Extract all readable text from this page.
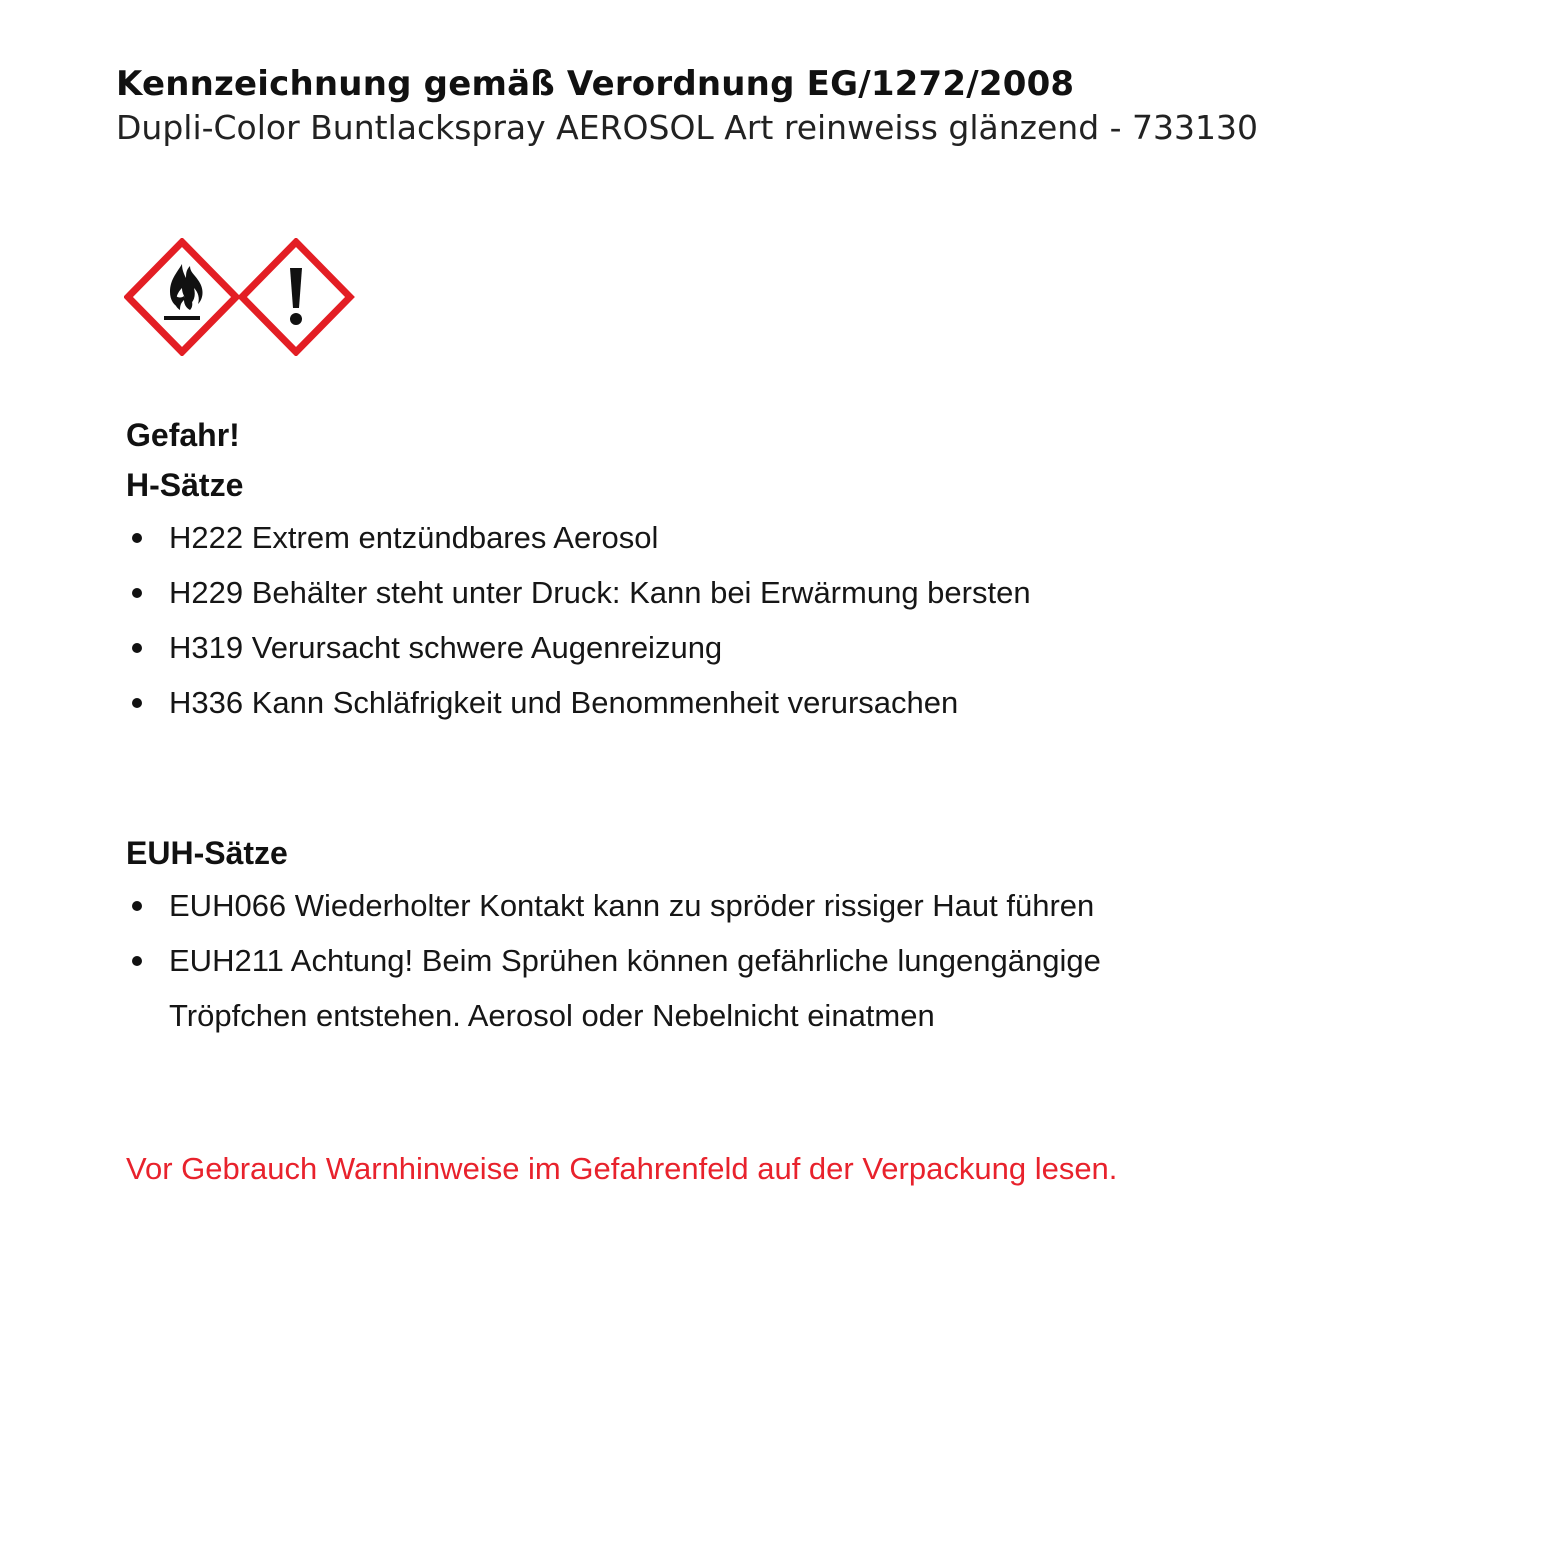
Kennzeichnung gemäß Verordnung EG/1272/2008
Dupli-Color Buntlackspray AEROSOL Art reinweiss glänzend - 733130

Gefahr!

H-Sätze

H222 Extrem entzündbares Aerosol
H229 Behälter steht unter Druck: Kann bei Erwärmung bersten
H319 Verursacht schwere Augenreizung
H336 Kann Schläfrigkeit und Benommenheit verursachen

EUH-Sätze

EUH066 Wiederholter Kontakt kann zu spröder rissiger Haut führen
EUH211 Achtung! Beim Sprühen können gefährliche lungengängige Tröpfchen entstehen. Aerosol oder Nebelnicht einatmen
Vor Gebrauch Warnhinweise im Gefahrenfeld auf der Verpackung lesen.
